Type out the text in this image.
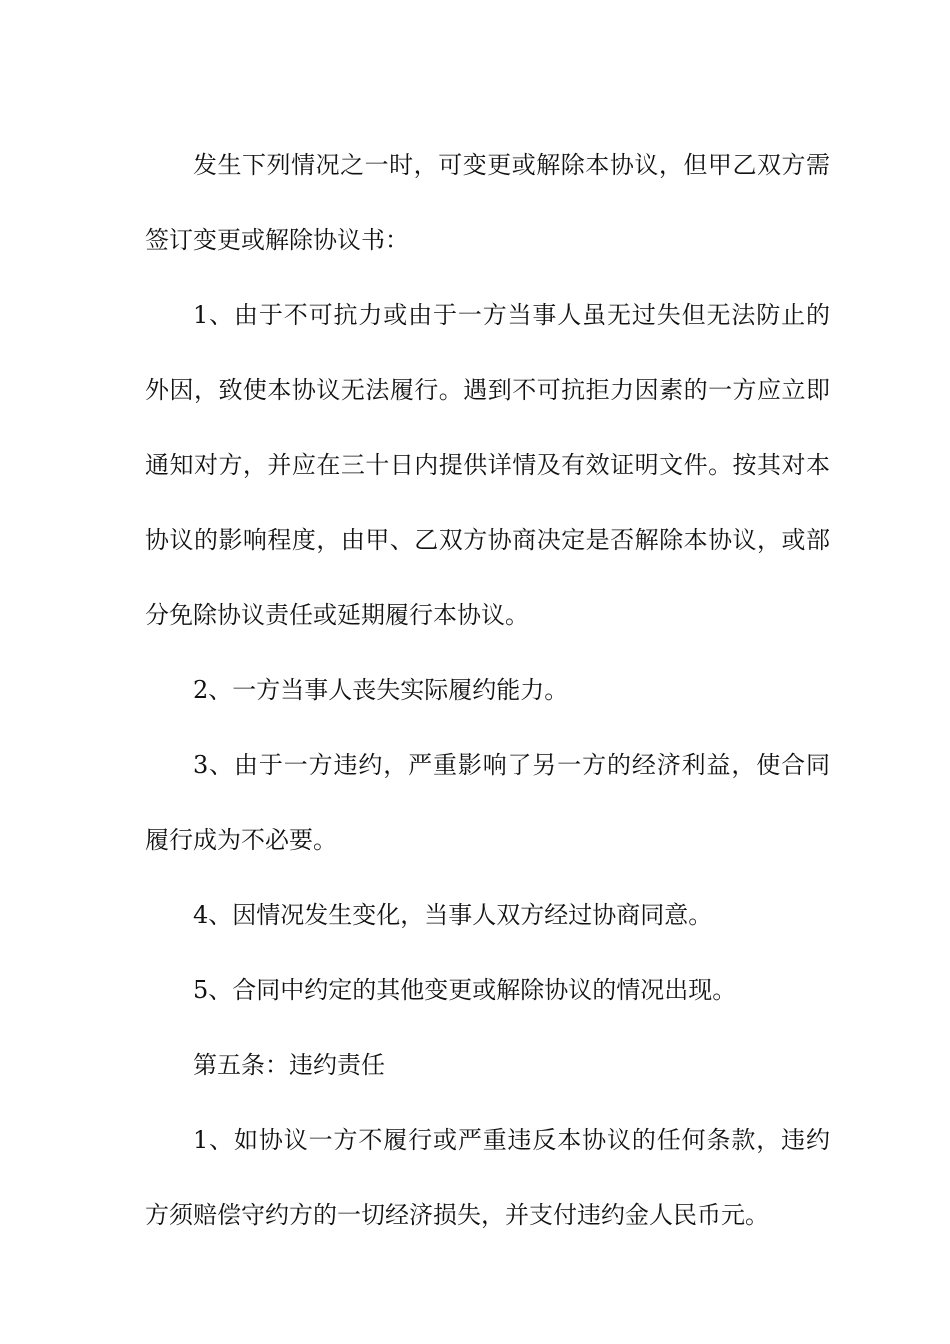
发生下列情况之一时，可变更或解除本协议，但甲乙双方需签订变更或解除协议书：

1、由于不可抗力或由于一方当事人虽无过失但无法防止的外因，致使本协议无法履行。遇到不可抗拒力因素的一方应立即通知对方，并应在三十日内提供详情及有效证明文件。按其对本协议的影响程度，由甲、乙双方协商决定是否解除本协议，或部分免除协议责任或延期履行本协议。

2、一方当事人丧失实际履约能力。

3、由于一方违约，严重影响了另一方的经济利益，使合同履行成为不必要。

4、因情况发生变化，当事人双方经过协商同意。

5、合同中约定的其他变更或解除协议的情况出现。

第五条：违约责任

1、如协议一方不履行或严重违反本协议的任何条款，违约方须赔偿守约方的一切经济损失，并支付违约金人民币元。
